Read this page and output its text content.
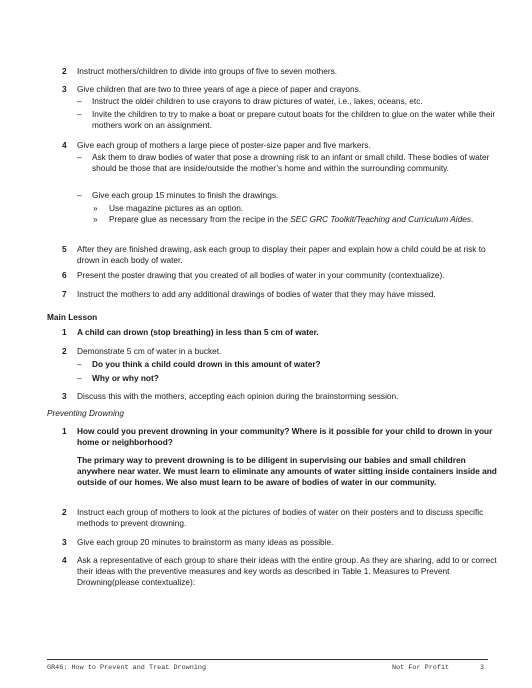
2	Instruct mothers/children to divide into groups of five to seven mothers.
3	Give children that are two to three years of age a piece of paper and crayons.
– Instruct the older children to use crayons to draw pictures of water, i.e., lakes, oceans, etc.
– Invite the children to try to make a boat or prepare cutout boats for the children to glue on the water while their mothers work on an assignment.
4	Give each group of mothers a large piece of poster-size paper and five markers.
– Ask them to draw bodies of water that pose a drowning risk to an infant or small child. These bodies of water should be those that are inside/outside the mother’s home and within the surrounding community.
– Give each group 15 minutes to finish the drawings.
» Use magazine pictures as an option.
» Prepare glue as necessary from the recipe in the SEC GRC Toolkit/Teaching and Curriculum Aides.
5	After they are finished drawing, ask each group to display their paper and explain how a child could be at risk to drown in each body of water.
6	Present the poster drawing that you created of all bodies of water in your community (contextualize).
7	Instruct the mothers to add any additional drawings of bodies of water that they may have missed.
Main Lesson
1	A child can drown (stop breathing) in less than 5 cm of water.
2	Demonstrate 5 cm of water in a bucket.
– Do you think a child could drown in this amount of water?
– Why or why not?
3	Discuss this with the mothers, accepting each opinion during the brainstorming session.
Preventing Drowning
1	How could you prevent drowning in your community? Where is it possible for your child to drown in your home or neighborhood?
The primary way to prevent drowning is to be diligent in supervising our babies and small children anywhere near water. We must learn to eliminate any amounts of water sitting inside containers inside and outside of our homes. We also must learn to be aware of bodies of water in our community.
2	Instruct each group of mothers to look at the pictures of bodies of water on their posters and to discuss specific methods to prevent drowning.
3	Give each group 20 minutes to brainstorm as many ideas as possible.
4	Ask a representative of each group to share their ideas with the entire group. As they are sharing, add to or correct their ideas with the preventive measures and key words as described in Table 1. Measures to Prevent Drowning(please contextualize):
GR46: How to Prevent and Treat Drowning	Not For Profit	3
